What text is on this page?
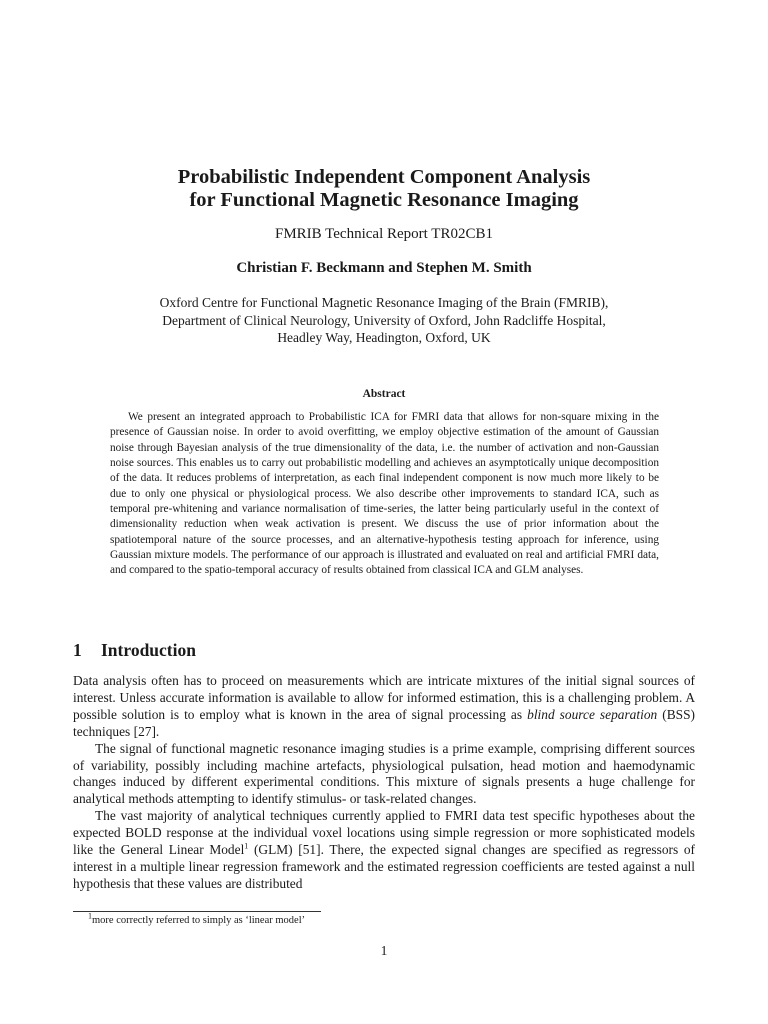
Probabilistic Independent Component Analysis
for Functional Magnetic Resonance Imaging
FMRIB Technical Report TR02CB1
Christian F. Beckmann and Stephen M. Smith
Oxford Centre for Functional Magnetic Resonance Imaging of the Brain (FMRIB),
Department of Clinical Neurology, University of Oxford, John Radcliffe Hospital,
Headley Way, Headington, Oxford, UK
Abstract

We present an integrated approach to Probabilistic ICA for FMRI data that allows for non-square mixing in the presence of Gaussian noise. In order to avoid overfitting, we employ objective estimation of the amount of Gaussian noise through Bayesian analysis of the true dimensionality of the data, i.e. the number of activation and non-Gaussian noise sources. This enables us to carry out probabilistic modelling and achieves an asymptotically unique decomposition of the data. It reduces problems of interpretation, as each final independent component is now much more likely to be due to only one physical or physiological process. We also describe other improvements to standard ICA, such as temporal pre-whitening and variance normalisation of time-series, the latter being particularly useful in the context of dimensionality reduction when weak activation is present. We discuss the use of prior information about the spatiotemporal nature of the source processes, and an alternative-hypothesis testing approach for inference, using Gaussian mixture models. The performance of our approach is illustrated and evaluated on real and artificial FMRI data, and compared to the spatio-temporal accuracy of results obtained from classical ICA and GLM analyses.

1 Introduction

Data analysis often has to proceed on measurements which are intricate mixtures of the initial signal sources of interest. Unless accurate information is available to allow for informed estimation, this is a challenging problem. A possible solution is to employ what is known in the area of signal processing as blind source separation (BSS) techniques [27].

The signal of functional magnetic resonance imaging studies is a prime example, comprising different sources of variability, possibly including machine artefacts, physiological pulsation, head motion and haemodynamic changes induced by different experimental conditions. This mixture of signals presents a huge challenge for analytical methods attempting to identify stimulus- or task-related changes.

The vast majority of analytical techniques currently applied to FMRI data test specific hypotheses about the expected BOLD response at the individual voxel locations using simple regression or more sophisticated models like the General Linear Model$^1$ (GLM) [51]. There, the expected signal changes are specified as regressors of interest in a multiple linear regression framework and the estimated regression coefficients are tested against a null hypothesis that these values are distributed

$^1$more correctly referred to simply as ‘linear model’
1
